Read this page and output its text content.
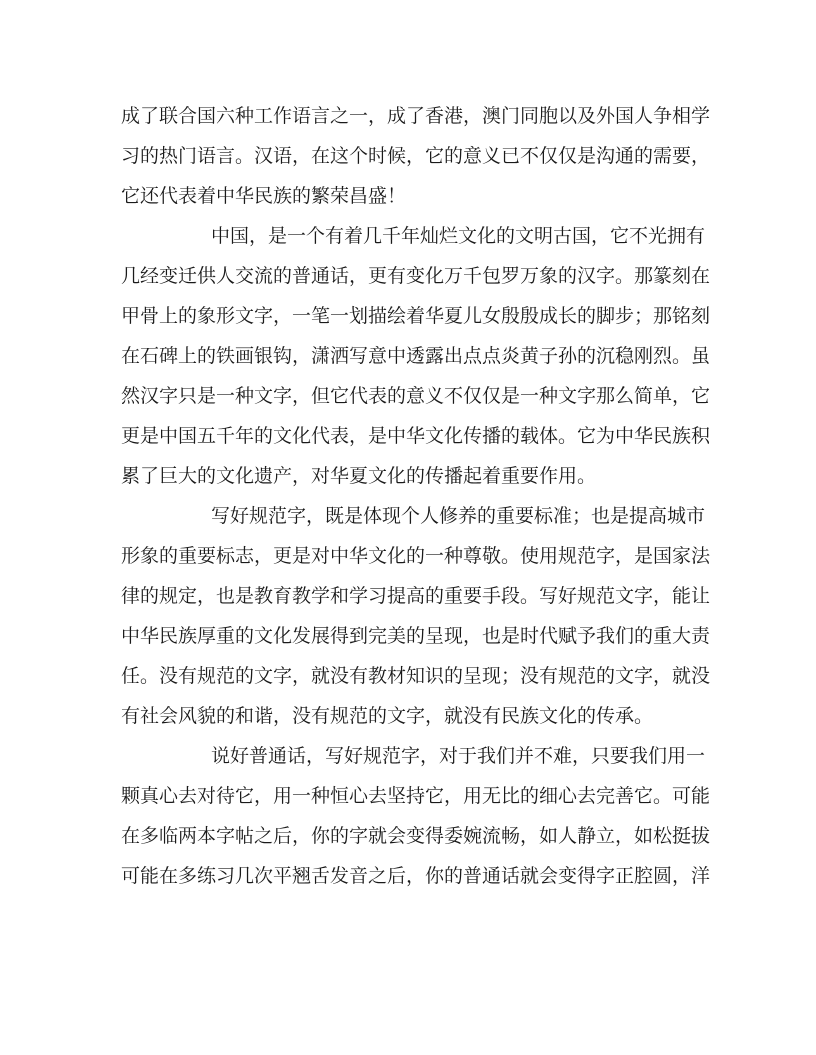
成了联合国六种工作语言之一，成了香港，澳门同胞以及外国人争相学
习的热门语言。汉语，在这个时候，它的意义已不仅仅是沟通的需要，
它还代表着中华民族的繁荣昌盛！
中国，是一个有着几千年灿烂文化的文明古国，它不光拥有
几经变迁供人交流的普通话，更有变化万千包罗万象的汉字。那篆刻在
甲骨上的象形文字，一笔一划描绘着华夏儿女殷殷成长的脚步；那铭刻
在石碑上的铁画银钩，潇洒写意中透露出点点炎黄子孙的沉稳刚烈。虽
然汉字只是一种文字，但它代表的意义不仅仅是一种文字那么简单，它
更是中国五千年的文化代表，是中华文化传播的载体。它为中华民族积
累了巨大的文化遗产，对华夏文化的传播起着重要作用。
写好规范字，既是体现个人修养的重要标准；也是提高城市
形象的重要标志，更是对中华文化的一种尊敬。使用规范字，是国家法
律的规定，也是教育教学和学习提高的重要手段。写好规范文字，能让
中华民族厚重的文化发展得到完美的呈现，也是时代赋予我们的重大责
任。没有规范的文字，就没有教材知识的呈现；没有规范的文字，就没
有社会风貌的和谐，没有规范的文字，就没有民族文化的传承。
说好普通话，写好规范字，对于我们并不难，只要我们用一
颗真心去对待它，用一种恒心去坚持它，用无比的细心去完善它。可能
在多临两本字帖之后，你的字就会变得委婉流畅，如人静立，如松挺拔
可能在多练习几次平翘舌发音之后，你的普通话就会变得字正腔圆，洋
